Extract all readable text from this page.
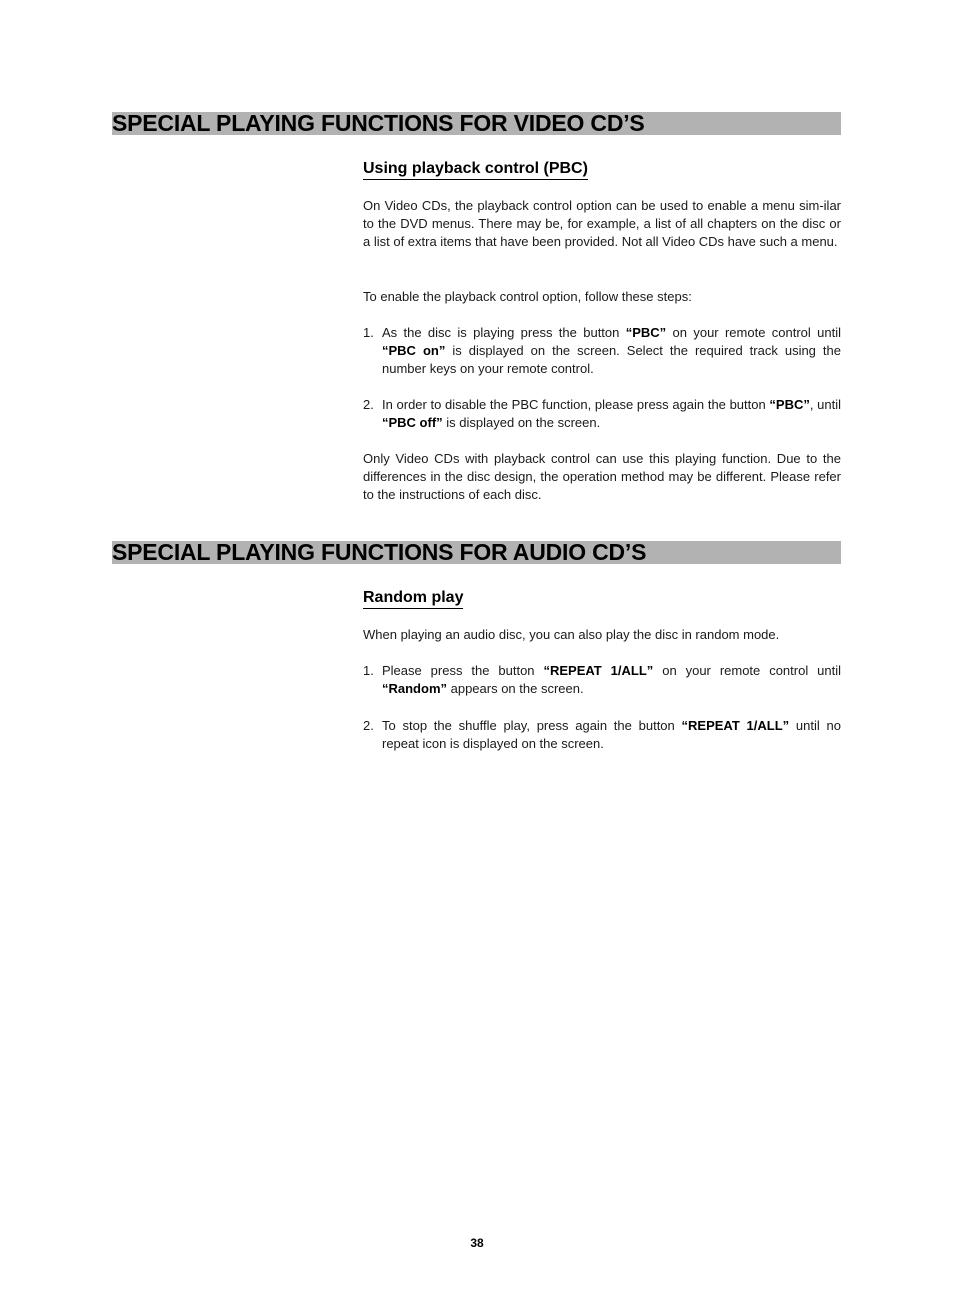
SPECIAL PLAYING FUNCTIONS FOR VIDEO CD’S
Using playback control (PBC)

On Video CDs, the playback control option can be used to enable a menu sim-ilar to the DVD menus. There may be, for example, a list of all chapters on the disc or a list of extra items that have been provided. Not all Video CDs have such a menu.

To enable the playback control option, follow these steps:

1. As the disc is playing press the button “PBC” on your remote control until “PBC on” is displayed on the screen. Select the required track using the number keys on your remote control.
2. In order to disable the PBC function, please press again the button “PBC”, until “PBC off” is displayed on the screen.

Only Video CDs with playback control can use this playing function. Due to the differences in the disc design, the operation method may be different. Please refer to the instructions of each disc.

SPECIAL PLAYING FUNCTIONS FOR AUDIO CD’S
Random play

When playing an audio disc, you can also play the disc in random mode.

1. Please press the button “REPEAT 1/ALL” on your remote control until “Random” appears on the screen.
2. To stop the shuffle play, press again the button “REPEAT 1/ALL” until no repeat icon is displayed on the screen.
38
